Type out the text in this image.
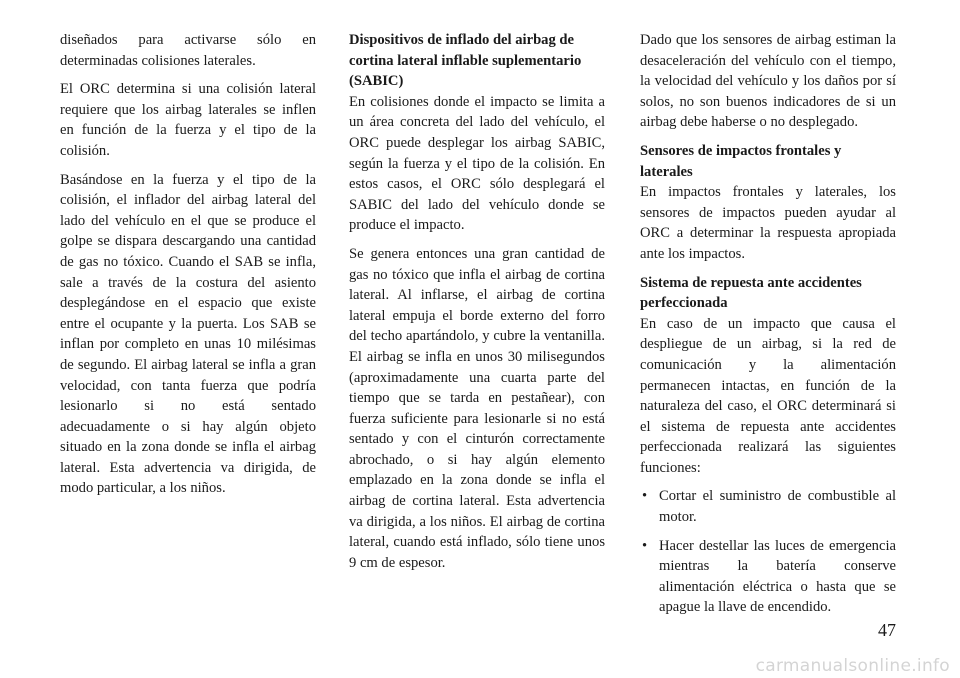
diseñados para activarse sólo en determinadas colisiones laterales.

El ORC determina si una colisión lateral requiere que los airbag laterales se inflen en función de la fuerza y el tipo de la colisión.

Basándose en la fuerza y el tipo de la colisión, el inflador del airbag lateral del lado del vehículo en el que se produce el golpe se dispara descargando una cantidad de gas no tóxico. Cuando el SAB se infla, sale a través de la costura del asiento desplegándose en el espacio que existe entre el ocupante y la puerta. Los SAB se inflan por completo en unas 10 milésimas de segundo. El airbag lateral se infla a gran velocidad, con tanta fuerza que podría lesionarlo si no está sentado adecuadamente o si hay algún objeto situado en la zona donde se infla el airbag lateral. Esta advertencia va dirigida, de modo particular, a los niños.

Dispositivos de inflado del airbag de cortina lateral inflable suplementario (SABIC)

En colisiones donde el impacto se limita a un área concreta del lado del vehículo, el ORC puede desplegar los airbag SABIC, según la fuerza y el tipo de la colisión. En estos casos, el ORC sólo desplegará el SABIC del lado del vehículo donde se produce el impacto.

Se genera entonces una gran cantidad de gas no tóxico que infla el airbag de cortina lateral. Al inflarse, el airbag de cortina lateral empuja el borde externo del forro del techo apartándolo, y cubre la ventanilla. El airbag se infla en unos 30 milisegundos (aproximadamente una cuarta parte del tiempo que se tarda en pestañear), con fuerza suficiente para lesionarle si no está sentado y con el cinturón correctamente abrochado, o si hay algún elemento emplazado en la zona donde se infla el airbag de cortina lateral. Esta advertencia va dirigida, a los niños. El airbag de cortina lateral, cuando está inflado, sólo tiene unos 9 cm de espesor.

Dado que los sensores de airbag estiman la desaceleración del vehículo con el tiempo, la velocidad del vehículo y los daños por sí solos, no son buenos indicadores de si un airbag debe haberse o no desplegado.

Sensores de impactos frontales y laterales

En impactos frontales y laterales, los sensores de impactos pueden ayudar al ORC a determinar la respuesta apropiada ante los impactos.

Sistema de repuesta ante accidentes perfeccionada

En caso de un impacto que causa el despliegue de un airbag, si la red de comunicación y la alimentación permanecen intactas, en función de la naturaleza del caso, el ORC determinará si el sistema de repuesta ante accidentes perfeccionada realizará las siguientes funciones:

• Cortar el suministro de combustible al motor.
• Hacer destellar las luces de emergencia mientras la batería conserve alimentación eléctrica o hasta que se apague la llave de encendido.
47
carmanualsonline.info
